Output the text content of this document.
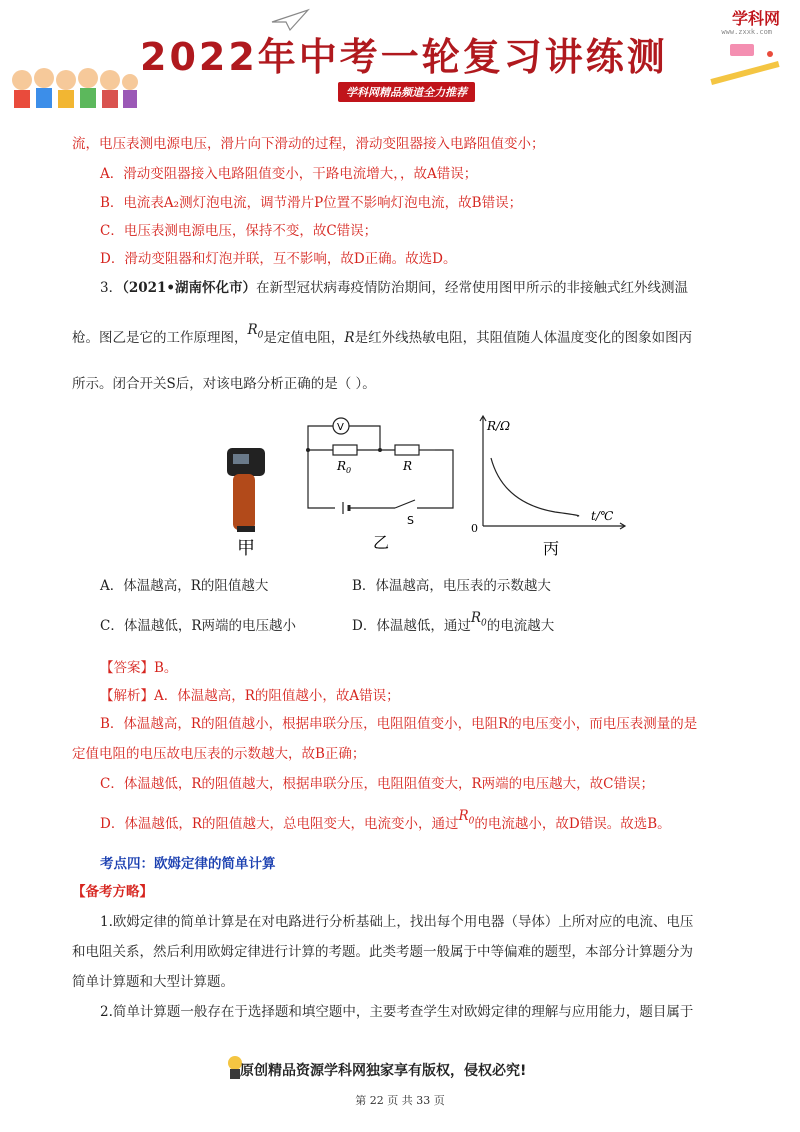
2022年中考一轮复习讲练测
学科网精品频道全力推荐
学科网
www.zxxk.com
流，电压表测电源电压，滑片向下滑动的过程，滑动变阻器接入电路阻值变小；
A．滑动变阻器接入电路阻值变小，干路电流增大，，故A错误；
B．电流表A₂测灯泡电流，调节滑片P位置不影响灯泡电流，故B错误；
C．电压表测电源电压，保持不变，故C错误；
D．滑动变阻器和灯泡并联，互不影响，故D正确。故选D。
3．（2021•湖南怀化市）在新型冠状病毒疫情防治期间，经常使用图甲所示的非接触式红外线测温
枪。图乙是它的工作原理图，$R_0$是定值电阻，R是红外线热敏电阻，其阻值随人体温度变化的图象如图丙
所示。闭合开关S后，对该电路分析正确的是（ ）。
甲
V
$R_0$	R
S
乙
R/Ω
t/℃
0
丙
A．体温越高，R的阻值越大	B．体温越高，电压表的示数越大
C．体温越低，R两端的电压越小	D．体温越低，通过$R_0$的电流越大
【答案】B。
【解析】A．体温越高，R的阻值越小，故A错误；
B．体温越高，R的阻值越小，根据串联分压，电阻阻值变小，电阻R的电压变小，而电压表测量的是
定值电阻的电压故电压表的示数越大，故B正确；
C．体温越低，R的阻值越大，根据串联分压，电阻阻值变大，R两端的电压越大，故C错误；
D．体温越低，R的阻值越大，总电阻变大，电流变小，通过$R_0$的电流越小，故D错误。故选B。
考点四：欧姆定律的简单计算
【备考方略】
1.欧姆定律的简单计算是在对电路进行分析基础上，找出每个用电器（导体）上所对应的电流、电压
和电阻关系，然后利用欧姆定律进行计算的考题。此类考题一般属于中等偏难的题型，本部分计算题分为
简单计算题和大型计算题。
2.简单计算题一般存在于选择题和填空题中，主要考查学生对欧姆定律的理解与应用能力，题目属于
原创精品资源学科网独家享有版权，侵权必究!
第 22 页 共 33 页
